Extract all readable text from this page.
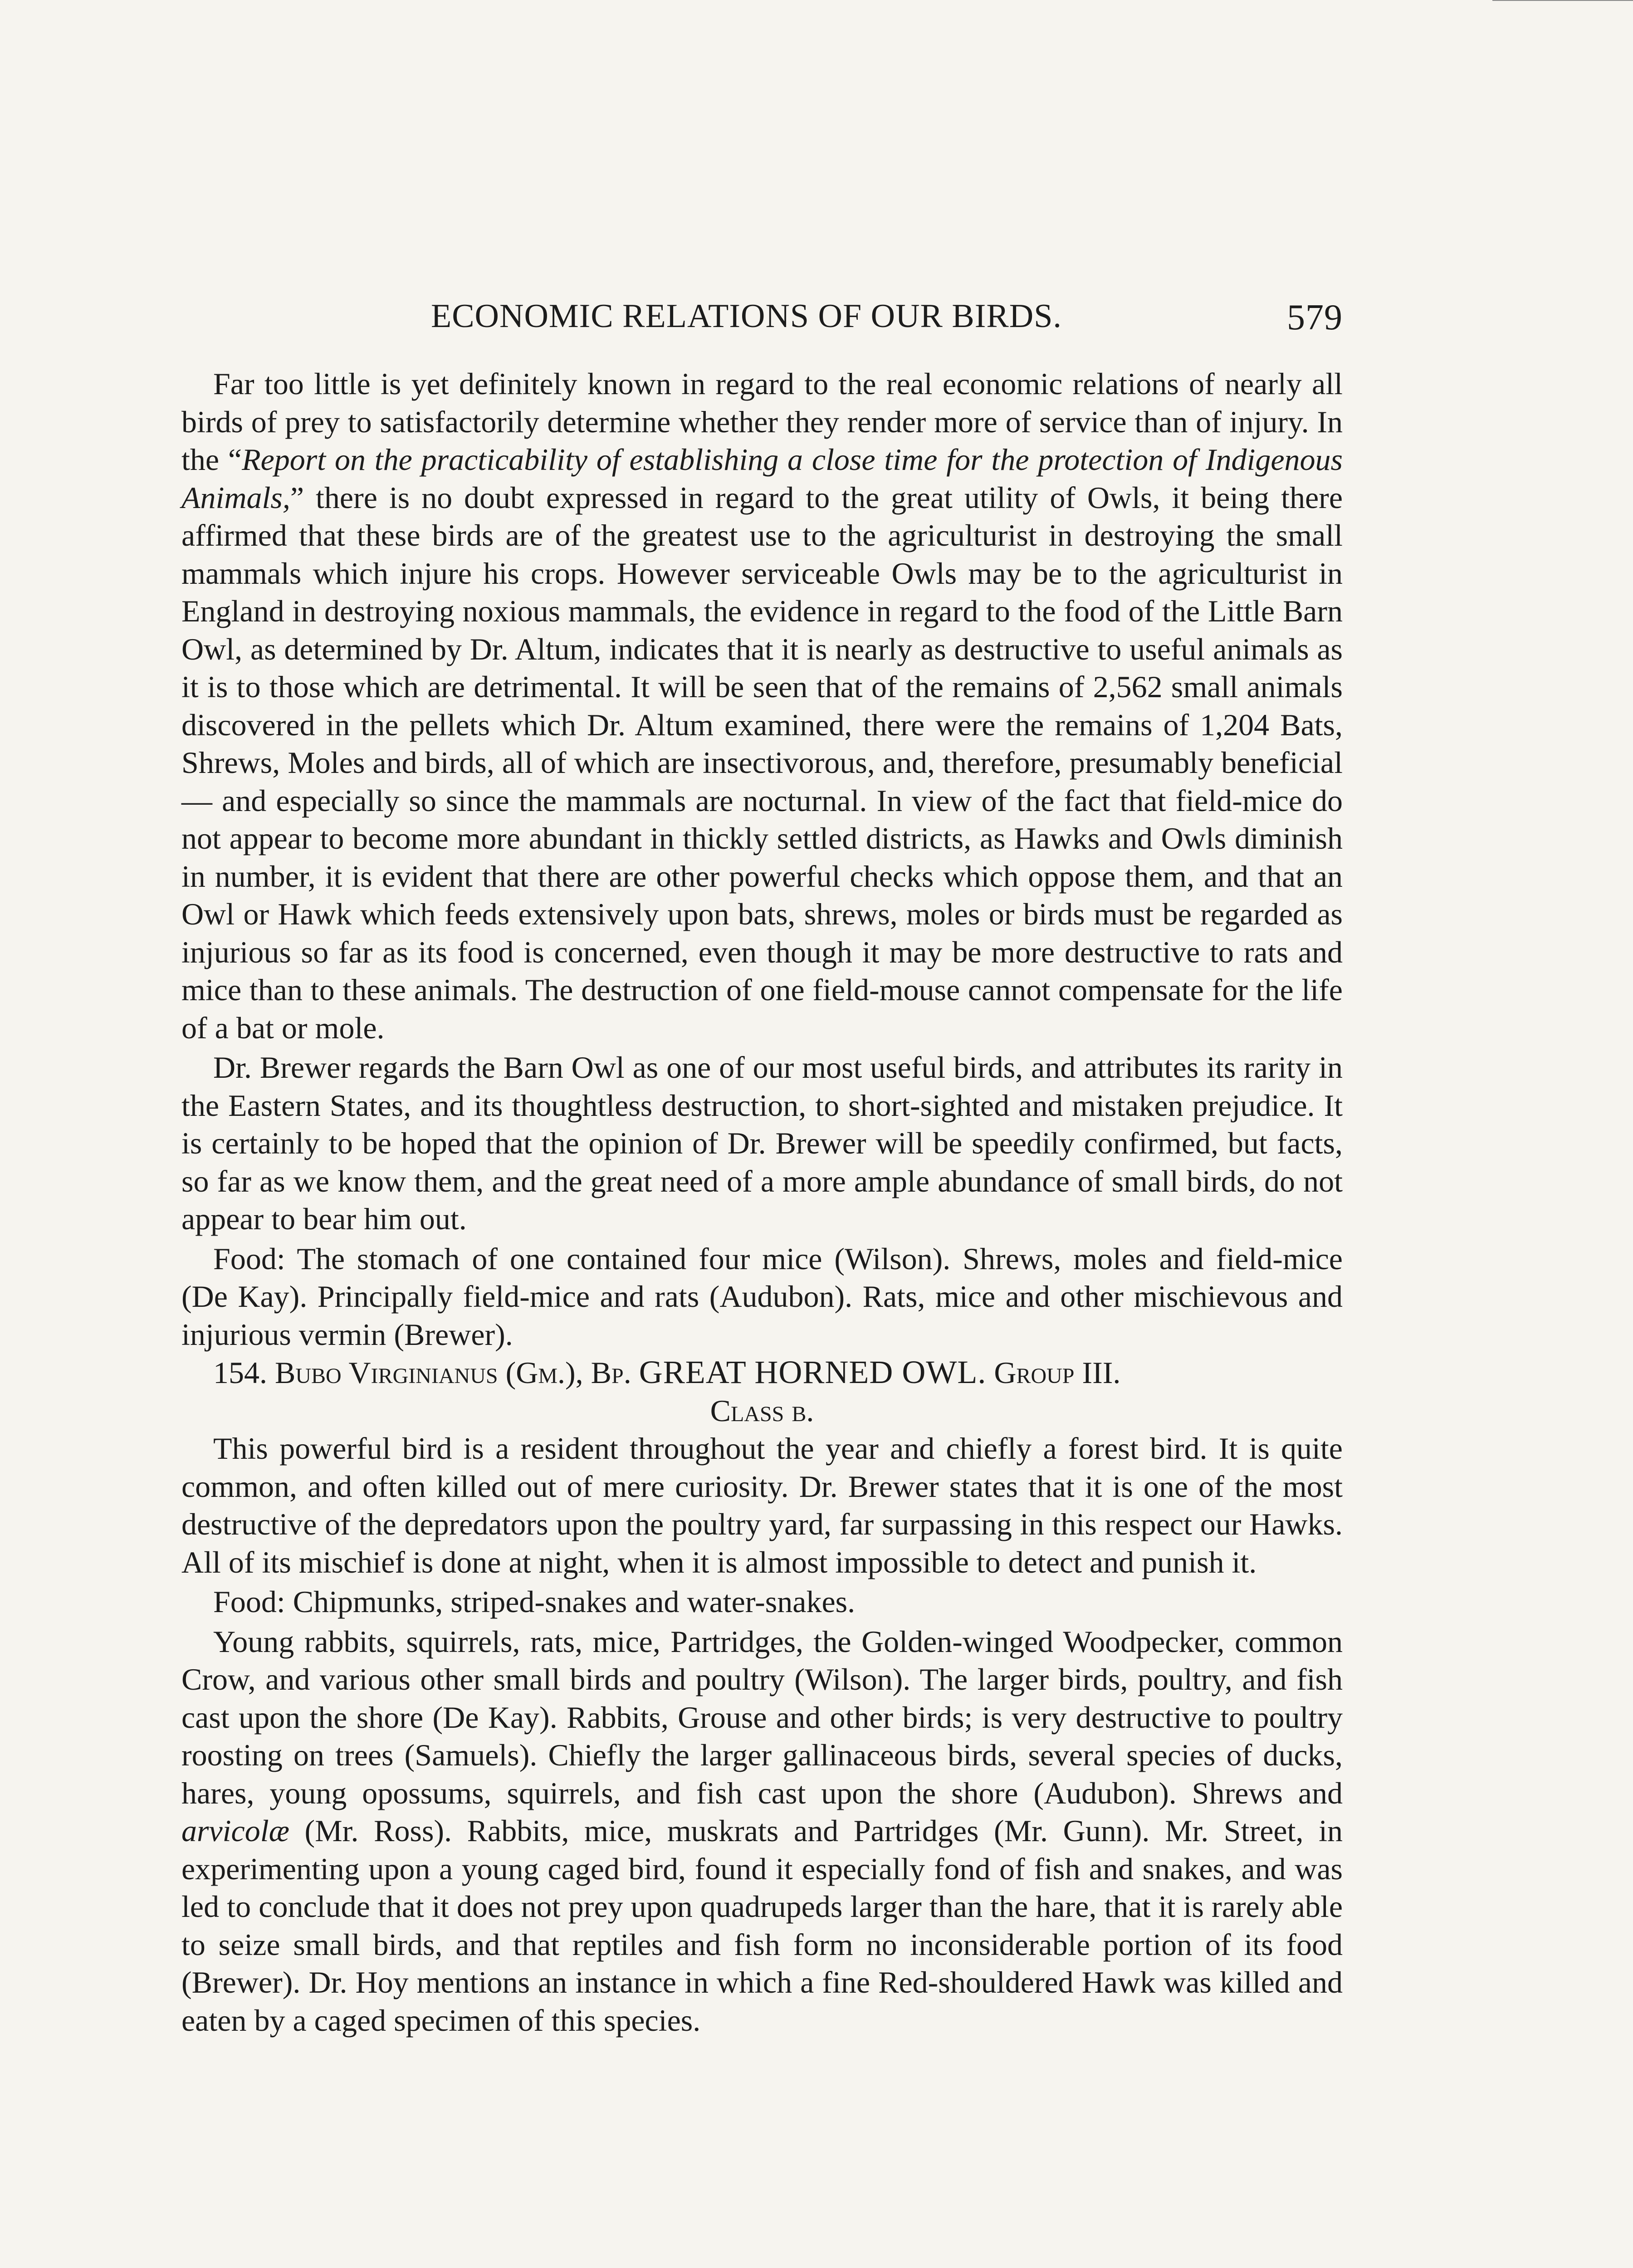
ECONOMIC RELATIONS OF OUR BIRDS.	579

Far too little is yet definitely known in regard to the real economic relations of nearly all birds of prey to satisfactorily determine whether they render more of service than of injury. In the “Report on the practicability of establishing a close time for the protection of Indigenous Animals,” there is no doubt expressed in regard to the great utility of Owls, it being there affirmed that these birds are of the greatest use to the agriculturist in destroying the small mammals which injure his crops. However serviceable Owls may be to the agriculturist in England in destroying noxious mammals, the evidence in regard to the food of the Little Barn Owl, as determined by Dr. Altum, indicates that it is nearly as destructive to useful animals as it is to those which are detrimental. It will be seen that of the remains of 2,562 small animals discovered in the pellets which Dr. Altum examined, there were the remains of 1,204 Bats, Shrews, Moles and birds, all of which are insectivorous, and, therefore, presumably beneficial — and especially so since the mammals are nocturnal. In view of the fact that field-mice do not appear to become more abundant in thickly settled districts, as Hawks and Owls diminish in number, it is evident that there are other powerful checks which oppose them, and that an Owl or Hawk which feeds extensively upon bats, shrews, moles or birds must be regarded as injurious so far as its food is concerned, even though it may be more destructive to rats and mice than to these animals. The destruction of one field-mouse cannot compensate for the life of a bat or mole.

Dr. Brewer regards the Barn Owl as one of our most useful birds, and attributes its rarity in the Eastern States, and its thoughtless destruction, to short-sighted and mistaken prejudice. It is certainly to be hoped that the opinion of Dr. Brewer will be speedily confirmed, but facts, so far as we know them, and the great need of a more ample abundance of small birds, do not appear to bear him out.

Food: The stomach of one contained four mice (Wilson). Shrews, moles and field-mice (De Kay). Principally field-mice and rats (Audubon). Rats, mice and other mischievous and injurious vermin (Brewer).

154. Bubo Virginianus (Gm.), Bp. GREAT HORNED OWL. Group III.

Class b.

This powerful bird is a resident throughout the year and chiefly a forest bird. It is quite common, and often killed out of mere curiosity. Dr. Brewer states that it is one of the most destructive of the depredators upon the poultry yard, far surpassing in this respect our Hawks. All of its mischief is done at night, when it is almost impossible to detect and punish it.

Food: Chipmunks, striped-snakes and water-snakes.

Young rabbits, squirrels, rats, mice, Partridges, the Golden-winged Woodpecker, common Crow, and various other small birds and poultry (Wilson). The larger birds, poultry, and fish cast upon the shore (De Kay). Rabbits, Grouse and other birds; is very destructive to poultry roosting on trees (Samuels). Chiefly the larger gallinaceous birds, several species of ducks, hares, young opossums, squirrels, and fish cast upon the shore (Audubon). Shrews and arvicolæ (Mr. Ross). Rabbits, mice, muskrats and Partridges (Mr. Gunn). Mr. Street, in experimenting upon a young caged bird, found it especially fond of fish and snakes, and was led to conclude that it does not prey upon quadrupeds larger than the hare, that it is rarely able to seize small birds, and that reptiles and fish form no inconsiderable portion of its food (Brewer). Dr. Hoy mentions an instance in which a fine Red-shouldered Hawk was killed and eaten by a caged specimen of this species.
